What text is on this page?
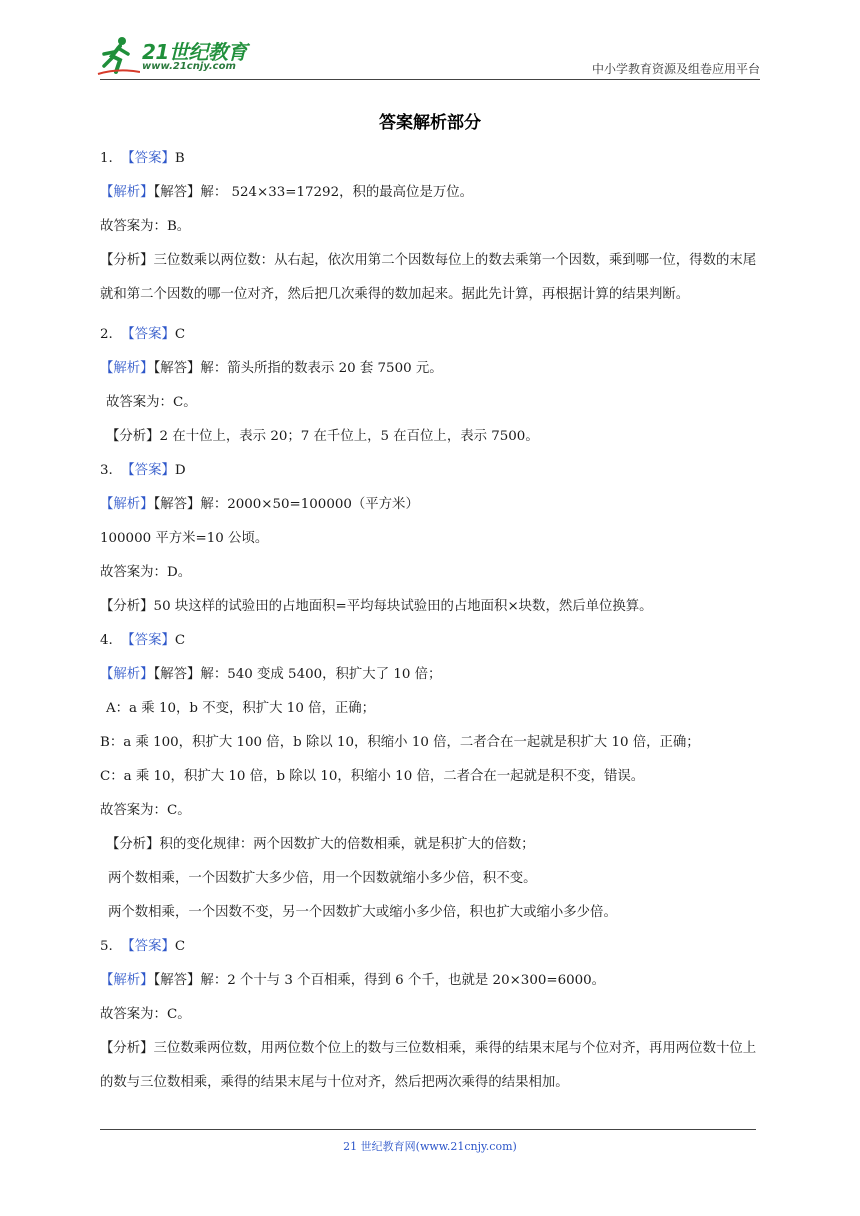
21世纪教育
www.21cnjy.com	中小学教育资源及组卷应用平台
答案解析部分
1. 【答案】B
【解析】【解答】解： 524×33=17292，积的最高位是万位。
故答案为：B。
【分析】三位数乘以两位数：从右起，依次用第二个因数每位上的数去乘第一个因数，乘到哪一位，得数的末尾就和第二个因数的哪一位对齐，然后把几次乘得的数加起来。据此先计算，再根据计算的结果判断。
2. 【答案】C
【解析】【解答】解：箭头所指的数表示 20 套 7500 元。
故答案为：C。
【分析】2 在十位上，表示 20；7 在千位上，5 在百位上，表示 7500。
3. 【答案】D
【解析】【解答】解：2000×50=100000（平方米）
100000 平方米=10 公顷。
故答案为：D。
【分析】50 块这样的试验田的占地面积=平均每块试验田的占地面积×块数，然后单位换算。
4. 【答案】C
【解析】【解答】解：540 变成 5400，积扩大了 10 倍；
A：a 乘 10，b 不变，积扩大 10 倍，正确；
B：a 乘 100，积扩大 100 倍，b 除以 10，积缩小 10 倍，二者合在一起就是积扩大 10 倍，正确；
C：a 乘 10，积扩大 10 倍，b 除以 10，积缩小 10 倍，二者合在一起就是积不变，错误。
故答案为：C。
【分析】积的变化规律：两个因数扩大的倍数相乘，就是积扩大的倍数；
两个数相乘，一个因数扩大多少倍，用一个因数就缩小多少倍，积不变。
两个数相乘，一个因数不变，另一个因数扩大或缩小多少倍，积也扩大或缩小多少倍。
5. 【答案】C
【解析】【解答】解：2 个十与 3 个百相乘，得到 6 个千，也就是 20×300=6000。
故答案为：C。
【分析】三位数乘两位数，用两位数个位上的数与三位数相乘，乘得的结果末尾与个位对齐，再用两位数十位上的数与三位数相乘，乘得的结果末尾与十位对齐，然后把两次乘得的结果相加。
21 世纪教育网(www.21cnjy.com)
